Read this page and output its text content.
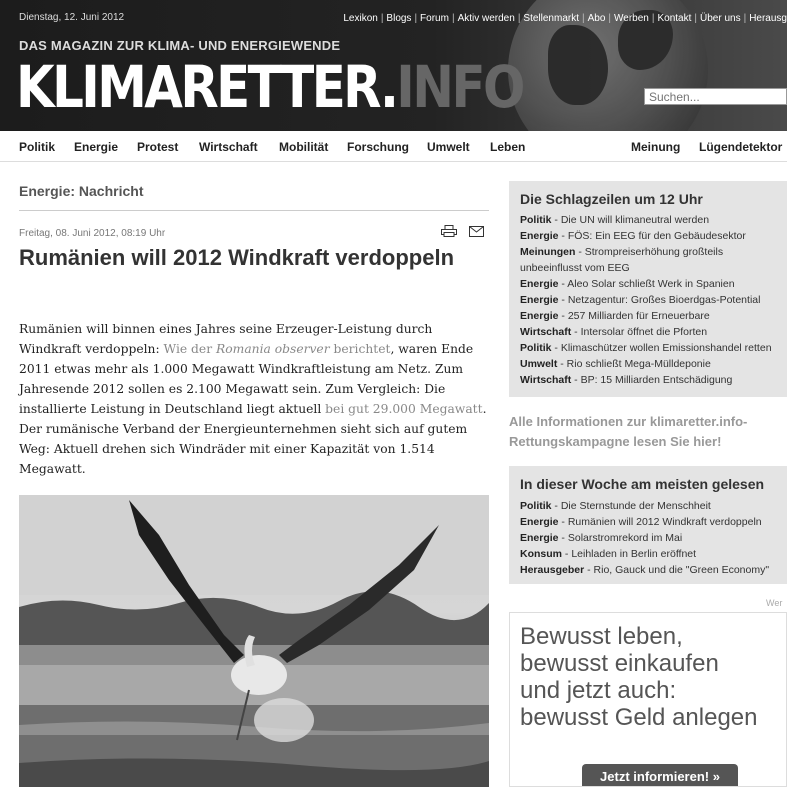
Dienstag, 12. Juni 2012	Lexikon | Blogs | Forum | Aktiv werden | Stellenmarkt | Abo | Werben | Kontakt | Über uns | Herausg
DAS MAGAZIN ZUR KLIMA- UND ENERGIEWENDE
KLIMARETTER.INFO
Suchen...
Politik Energie Protest Wirtschaft Mobilität Forschung Umwelt Leben	Meinung Lügendetektor
Energie: Nachricht
Freitag, 08. Juni 2012, 08:19 Uhr
Rumänien will 2012 Windkraft verdoppeln
Rumänien will binnen eines Jahres seine Erzeuger-Leistung durch Windkraft verdoppeln: Wie der Romania observer berichtet, waren Ende 2011 etwas mehr als 1.000 Megawatt Windkraftleistung am Netz. Zum Jahresende 2012 sollen es 2.100 Megawatt sein. Zum Vergleich: Die installierte Leistung in Deutschland liegt aktuell bei gut 29.000 Megawatt. Der rumänische Verband der Energieunternehmen sieht sich auf gutem Weg: Aktuell drehen sich Windräder mit einer Kapazität von 1.514 Megawatt.
Die Schlagzeilen um 12 Uhr
Politik - Die UN will klimaneutral werden
Energie - FÖS: Ein EEG für den Gebäudesektor
Meinungen - Strompreiserhöhung großteils
unbeeinflusst vom EEG
Energie - Aleo Solar schließt Werk in Spanien
Energie - Netzagentur: Großes Bioerdgas-Potential
Energie - 257 Milliarden für Erneuerbare
Wirtschaft - Intersolar öffnet die Pforten
Politik - Klimaschützer wollen Emissionshandel retten
Umwelt - Rio schließt Mega-Mülldeponie
Wirtschaft - BP: 15 Milliarden Entschädigung
Alle Informationen zur klimaretter.info-
Rettungskampagne lesen Sie hier!
In dieser Woche am meisten gelesen
Politik - Die Sternstunde der Menschheit
Energie - Rumänien will 2012 Windkraft verdoppeln
Energie - Solarstromrekord im Mai
Konsum - Leihladen in Berlin eröffnet
Herausgeber - Rio, Gauck und die "Green Economy"
Wer
Bewusst leben,
bewusst einkaufen
und jetzt auch:
bewusst Geld anlegen
Jetzt informieren! »
